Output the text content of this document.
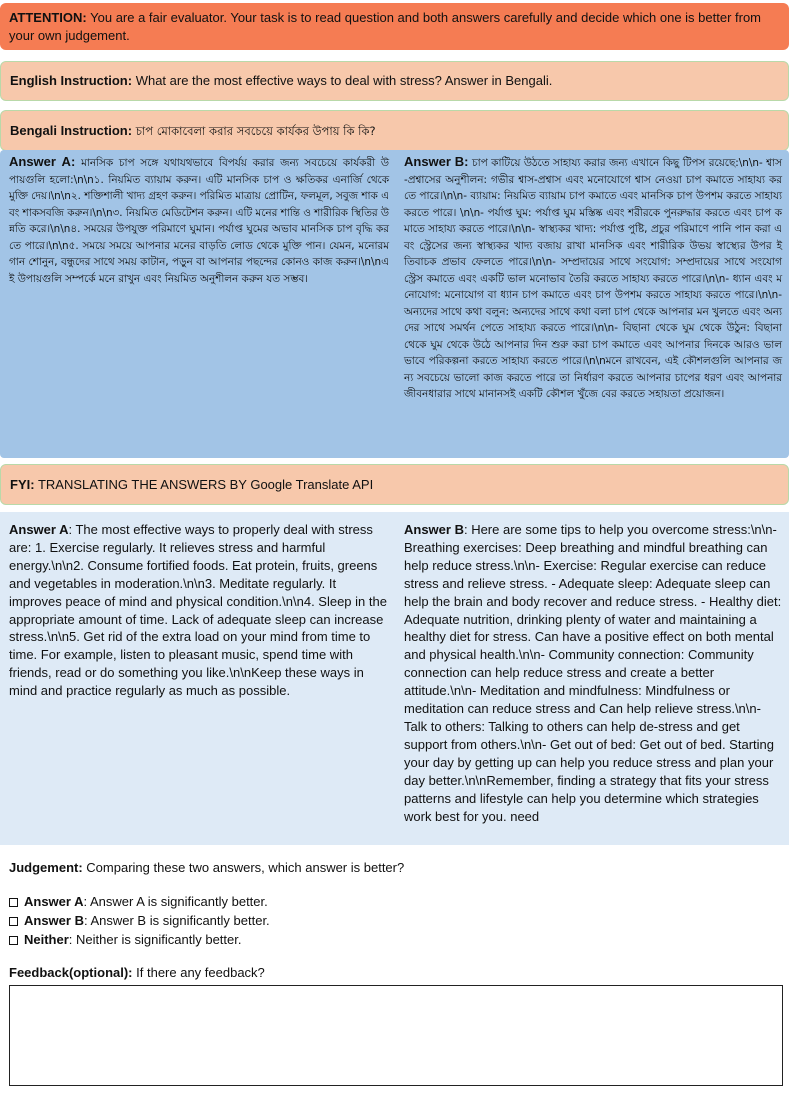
ATTENTION: You are a fair evaluator. Your task is to read question and both answers carefully and decide which one is better from your own judgement.
English Instruction: What are the most effective ways to deal with stress? Answer in Bengali.
Bengali Instruction: চাপ মোকাবেলা করার সবচেয়ে কার্যকর উপায় কি কি?
Answer A: মানসিক চাপ সঙ্গে যথাযথভাবে বিপর্যয় করার জন্য সবচেয়ে কার্যকরী উপায়গুলি হলো:\n\n১. নিয়মিত ব্যায়াম করুন। এটি মানসিক চাপ ও ক্ষতিকর এনার্জি থেকে মুক্তি দেয়।\n\n২. শক্তিশালী খাদ্য গ্রহণ করুন। পরিমিত মাত্রায় প্রোটিন, ফলমূল, সবুজ শাক এবং শাকসবজি করুন।\n\n৩. নিয়মিত মেডিটেশন করুন। এটি মনের শান্তি ও শারীরিক স্থিতির উন্নতি করে।\n\n৪. সময়ের উপযুক্ত পরিমাণে ঘুমান। পর্যাপ্ত ঘুমের অভাব মানসিক চাপ বৃদ্ধি করতে পারে।\n\n৫. সময়ে সময়ে আপনার মনের বাড়তি লোড থেকে মুক্তি পান। যেমন, মনোরম গান শোনুন, বন্ধুদের সাথে সময় কাটান, পড়ুন বা আপনার পছন্দের কোনও কাজ করুন।\n\nএই উপায়গুলি সম্পর্কে মনে রাখুন এবং নিয়মিত অনুশীলন করুন যত সম্ভব।
Answer B: চাপ কাটিয়ে উঠতে সাহায্য করার জন্য এখানে কিছু টিপস রয়েছে:\n\n- শ্বাস-প্রশ্বাসের অনুশীলন: গভীর শ্বাস-প্রশ্বাস এবং মনোযোগে শ্বাস নেওয়া চাপ কমাতে সাহায্য করতে পারে।\n\n- ব্যায়াম: নিয়মিত ব্যায়াম চাপ কমাতে এবং মানসিক চাপ উপশম করতে সাহায্য করতে পারে। \n\n- পর্যাপ্ত ঘুম: পর্যাপ্ত ঘুম মস্তিষ্ক এবং শরীরকে পুনরুদ্ধার করতে এবং চাপ কমাতে সাহায্য করতে পারে।\n\n- স্বাস্থ্যকর খাদ্য: পর্যাপ্ত পুষ্টি, প্রচুর পরিমাণে পানি পান করা এবং স্ট্রেসের জন্য স্বাস্থ্যকর খাদ্য বজায় রাখা মানসিক এবং শারীরিক উভয় স্বাস্থ্যের উপর ইতিবাচক প্রভাব ফেলতে পারে।\n\n- সম্প্রদায়ের সাথে সংযোগ: সম্প্রদায়ের সাথে সংযোগ স্ট্রেস কমাতে এবং একটি ভাল মনোভাব তৈরি করতে সাহায্য করতে পারে।\n\n- ধ্যান এবং মনোযোগ: মনোযোগ বা ধ্যান চাপ কমাতে এবং চাপ উপশম করতে সাহায্য করতে পারে।\n\n- অন্যদের সাথে কথা বলুন: অন্যদের সাথে কথা বলা চাপ থেকে আপনার মন খুলতে এবং অন্যদের সাথে সমর্থন পেতে সাহায্য করতে পারে।\n\n- বিছানা থেকে ঘুম থেকে উঠুন: বিছানা থেকে ঘুম থেকে উঠে আপনার দিন শুরু করা চাপ কমাতে এবং আপনার দিনকে আরও ভালভাবে পরিকল্পনা করতে সাহায্য করতে পারে।\n\nমনে রাখবেন, এই কৌশলগুলি আপনার জন্য সবচেয়ে ভালো কাজ করতে পারে তা নির্ধারণ করতে আপনার চাপের ধরণ এবং আপনার জীবনধারার সাথে মানানসই একটি কৌশল খুঁজে বের করতে সহায়তা প্রয়োজন।
FYI: TRANSLATING THE ANSWERS BY Google Translate API
Answer A: The most effective ways to properly deal with stress are: 1. Exercise regularly. It relieves stress and harmful energy.\n\n2. Consume fortified foods. Eat protein, fruits, greens and vegetables in moderation.\n\n3. Meditate regularly. It improves peace of mind and physical condition.\n\n4. Sleep in the appropriate amount of time. Lack of adequate sleep can increase stress.\n\n5. Get rid of the extra load on your mind from time to time. For example, listen to pleasant music, spend time with friends, read or do something you like.\n\nKeep these ways in mind and practice regularly as much as possible.
Answer B: Here are some tips to help you overcome stress:\n\n- Breathing exercises: Deep breathing and mindful breathing can help reduce stress.\n\n- Exercise: Regular exercise can reduce stress and relieve stress. - Adequate sleep: Adequate sleep can help the brain and body recover and reduce stress. - Healthy diet: Adequate nutrition, drinking plenty of water and maintaining a healthy diet for stress. Can have a positive effect on both mental and physical health.\n\n- Community connection: Community connection can help reduce stress and create a better attitude.\n\n- Meditation and mindfulness: Mindfulness or meditation can reduce stress and Can help relieve stress.\n\n- Talk to others: Talking to others can help de-stress and get support from others.\n\n- Get out of bed: Get out of bed. Starting your day by getting up can help you reduce stress and plan your day better.\n\nRemember, finding a strategy that fits your stress patterns and lifestyle can help you determine which strategies work best for you. need
Judgement: Comparing these two answers, which answer is better?
Answer A : Answer A is significantly better.
Answer B : Answer B is significantly better.
Neither : Neither is significantly better.
Feedback(optional): If there any feedback?
